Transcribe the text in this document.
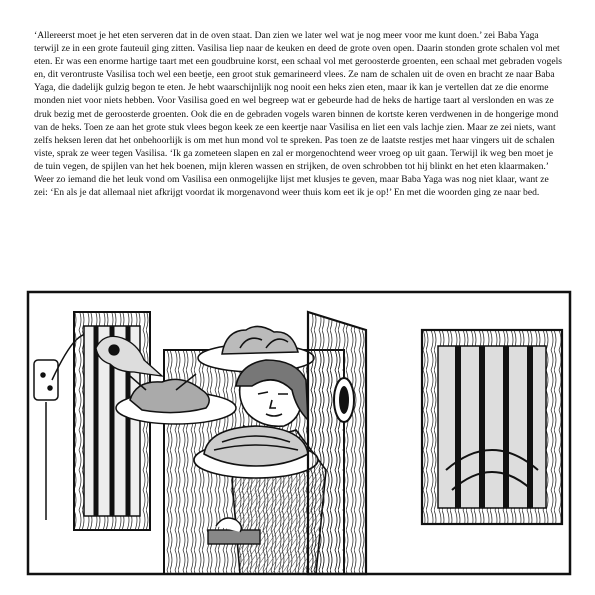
‘Allereerst moet je het eten serveren dat in de oven staat. Dan zien we later wel wat je nog meer voor me kunt doen.’ zei Baba Yaga terwijl ze in een grote fauteuil ging zitten. Vasilisa liep naar de keuken en deed de grote oven open. Daarin stonden grote schalen vol met eten. Er was een enorme hartige taart met een goudbruine korst, een schaal vol met geroosterde groenten, een schaal met gebraden vogels en, dit verontruste Vasilisa toch wel een beetje, een groot stuk gemarineerd vlees. Ze nam de schalen uit de oven en bracht ze naar Baba Yaga, die dadelijk gulzig begon te eten. Je hebt waarschijnlijk nog nooit een heks zien eten, maar ik kan je vertellen dat ze die enorme monden niet voor niets hebben. Voor Vasilisa goed en wel begreep wat er gebeurde had de heks de hartige taart al verslonden en was ze druk bezig met de geroosterde groenten. Ook die en de gebraden vogels waren binnen de kortste keren verdwenen in de hongerige mond van de heks. Toen ze aan het grote stuk vlees begon keek ze een keertje naar Vasilisa en liet een vals lachje zien. Maar ze zei niets, want zelfs heksen leren dat het onbehoorlijk is om met hun mond vol te spreken. Pas toen ze de laatste restjes met haar vingers uit de schalen viste, sprak ze weer tegen Vasilisa. ‘Ik ga zometeen slapen en zal er morgenochtend weer vroeg op uit gaan. Terwijl ik weg ben moet je de tuin vegen, de spijlen van het hek boenen, mijn kleren wassen en strijken, de oven schrobben tot hij blinkt en het eten klaarmaken.’ Weer zo iemand die het leuk vond om Vasilisa een onmogelijke lijst met klusjes te geven, maar Baba Yaga was nog niet klaar, want ze zei: ‘En als je dat allemaal niet afkrijgt voordat ik morgenavond weer thuis kom eet ik je op!’ En met die woorden ging ze naar bed.
